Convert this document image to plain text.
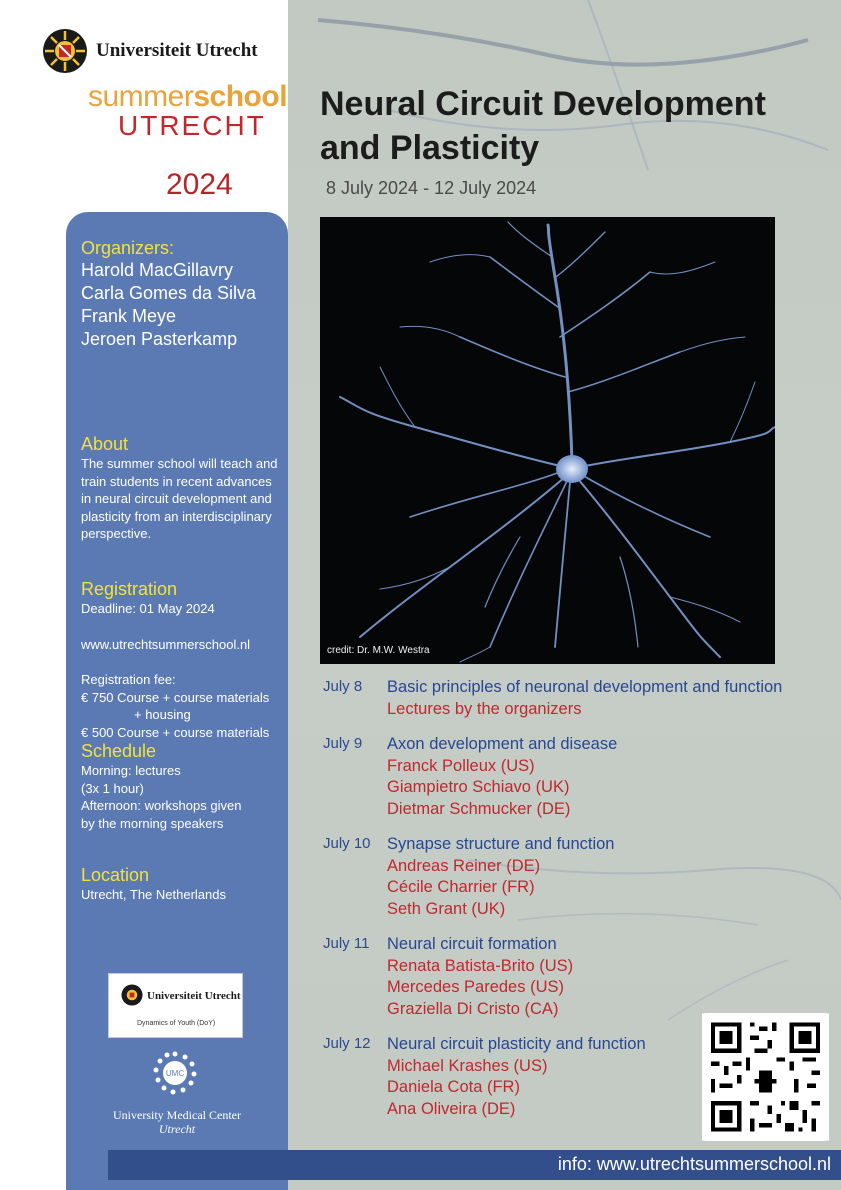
Universiteit Utrecht
summerschool
UTRECHT
2024
Neural Circuit Development
and Plasticity
8 July 2024 - 12 July 2024
credit: Dr. M.W. Westra
Organizers:
Harold MacGillavry
Carla Gomes da Silva
Frank Meye
Jeroen Pasterkamp
About
The summer school will teach and train students in recent advances in neural circuit development and plasticity from an interdisciplinary perspective.
Registration
Deadline: 01 May 2024
www.utrechtsummerschool.nl
Registration fee:
€ 750 Course + course materials
+ housing
€ 500 Course + course materials
Schedule
Morning: lectures
(3x 1 hour)
Afternoon: workshops given
by the morning speakers
Location
Utrecht, The Netherlands
Universiteit Utrecht
Dynamics of Youth (DoY)
UMC
University Medical Center
Utrecht
July 8	Basic principles of neuronal development and function
Lectures by the organizers
July 9	Axon development and disease
Franck Polleux (US)
Giampietro Schiavo (UK)
Dietmar Schmucker (DE)
July 10 Synapse structure and function
Andreas Reiner (DE)
Cécile Charrier (FR)
Seth Grant (UK)
July 11	Neural circuit formation
Renata Batista-Brito (US)
Mercedes Paredes (US)
Graziella Di Cristo (CA)
July 12 Neural circuit plasticity and function
Michael Krashes (US)
Daniela Cota (FR)
Ana Oliveira (DE)
info: www.utrechtsummerschool.nl
